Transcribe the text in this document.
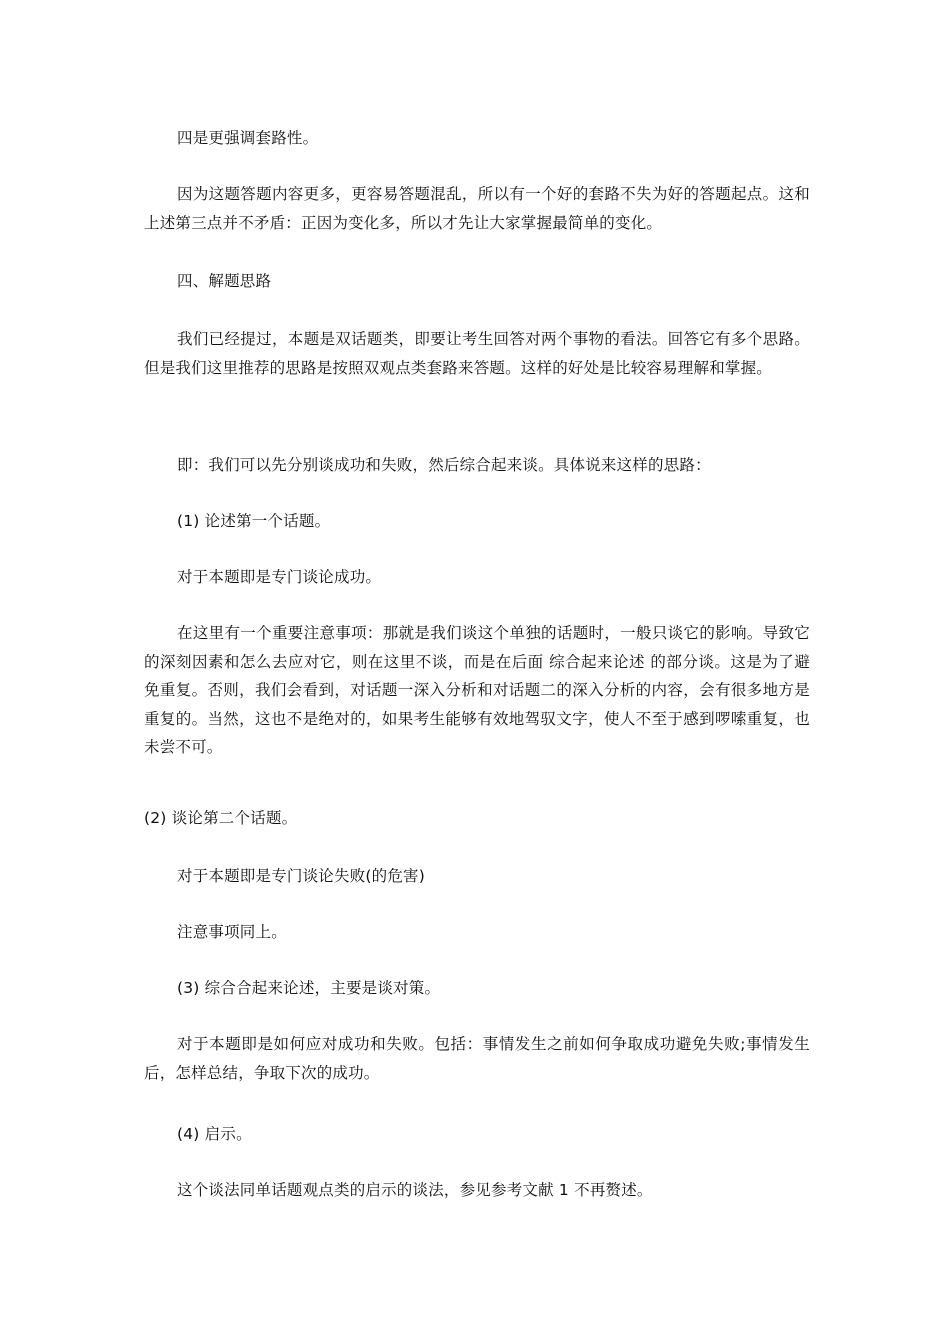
四是更强调套路性。

因为这题答题内容更多，更容易答题混乱，所以有一个好的套路不失为好的答题起点。这和上述第三点并不矛盾：正因为变化多，所以才先让大家掌握最简单的变化。

四、解题思路

我们已经提过，本题是双话题类，即要让考生回答对两个事物的看法。回答它有多个思路。但是我们这里推荐的思路是按照双观点类套路来答题。这样的好处是比较容易理解和掌握。

即：我们可以先分别谈成功和失败，然后综合起来谈。具体说来这样的思路：

(1) 论述第一个话题。

对于本题即是专门谈论成功。

在这里有一个重要注意事项：那就是我们谈这个单独的话题时，一般只谈它的影响。导致它的深刻因素和怎么去应对它，则在这里不谈，而是在后面 综合起来论述 的部分谈。这是为了避免重复。否则，我们会看到，对话题一深入分析和对话题二的深入分析的内容，会有很多地方是重复的。当然，这也不是绝对的，如果考生能够有效地驾驭文字，使人不至于感到啰嗦重复，也未尝不可。

(2) 谈论第二个话题。

对于本题即是专门谈论失败(的危害)

注意事项同上。

(3) 综合合起来论述，主要是谈对策。

对于本题即是如何应对成功和失败。包括：事情发生之前如何争取成功避免失败;事情发生后，怎样总结，争取下次的成功。

(4) 启示。

这个谈法同单话题观点类的启示的谈法，参见参考文献 1 不再赘述。
